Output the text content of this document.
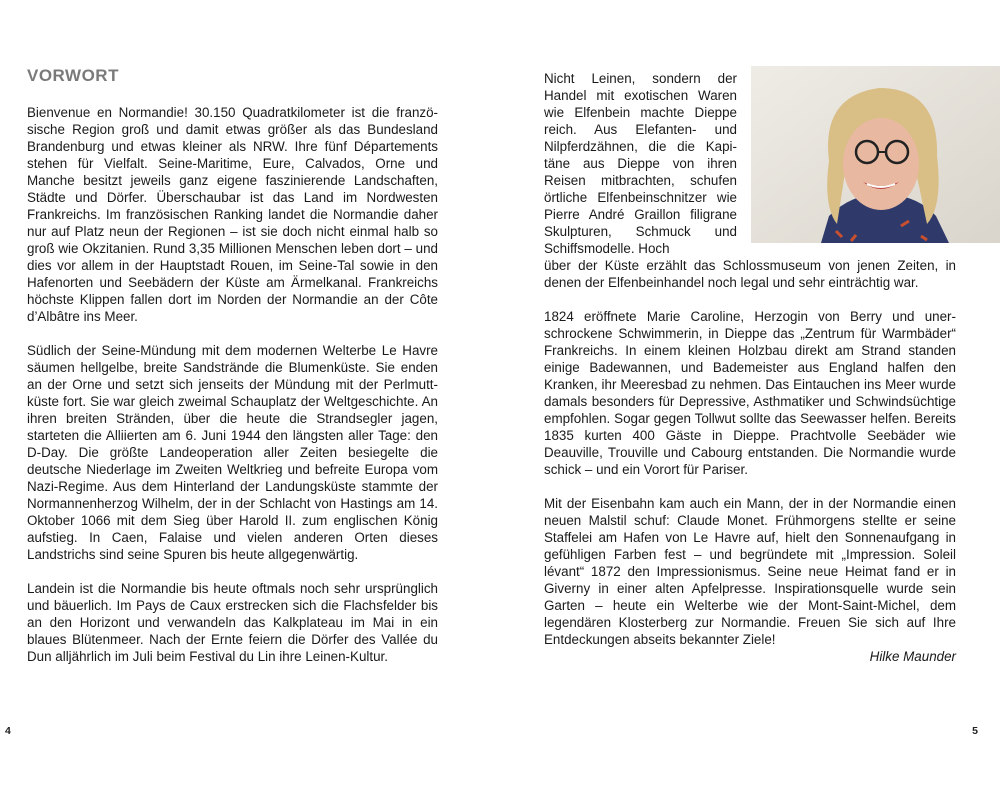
VORWORT

Bienvenue en Normandie! 30.150 Quadratkilometer ist die französische Region groß und damit etwas größer als das Bundesland Brandenburg und etwas kleiner als NRW. Ihre fünf Départements stehen für Vielfalt. Seine-Maritime, Eure, Calvados, Orne und Manche besitzt jeweils ganz eigene faszinierende Landschaften, Städte und Dörfer. Überschaubar ist das Land im Nordwesten Frankreichs. Im französischen Ranking landet die Normandie daher nur auf Platz neun der Regionen – ist sie doch nicht einmal halb so groß wie Okzitanien. Rund 3,35 Millionen Menschen leben dort – und dies vor allem in der Hauptstadt Rouen, im Seine-Tal sowie in den Hafenorten und Seebädern der Küste am Ärmelkanal. Frankreichs höchste Klippen fallen dort im Norden der Normandie an der Côte d’Albâtre ins Meer.

Südlich der Seine-Mündung mit dem modernen Welterbe Le Havre säumen hellgelbe, breite Sandstrände die Blumenküste. Sie enden an der Orne und setzt sich jenseits der Mündung mit der Perlmuttküste fort. Sie war gleich zweimal Schauplatz der Weltgeschichte. An ihren breiten Stränden, über die heute die Strandsegler jagen, starteten die Alliierten am 6. Juni 1944 den längsten aller Tage: den D-Day. Die größte Landeoperation aller Zeiten besiegelte die deutsche Niederlage im Zweiten Weltkrieg und befreite Europa vom Nazi-Regime. Aus dem Hinterland der Landungsküste stammte der Normannenherzog Wilhelm, der in der Schlacht von Hastings am 14. Oktober 1066 mit dem Sieg über Harold II. zum englischen König aufstieg. In Caen, Falaise und vielen anderen Orten dieses Landstrichs sind seine Spuren bis heute allgegenwärtig.

Landein ist die Normandie bis heute oftmals noch sehr ursprünglich und bäuerlich. Im Pays de Caux erstrecken sich die Flachsfelder bis an den Horizont und verwandeln das Kalkplateau im Mai in ein blaues Blütenmeer. Nach der Ernte feiern die Dörfer des Vallée du Dun alljährlich im Juli beim Festival du Lin ihre Leinen-Kultur.

4
Nicht Leinen, sondern der Handel mit exotischen Waren wie Elfenbein machte Dieppe reich. Aus Elefanten- und Nilpferdzähnen, die die Kapitäne aus Dieppe von ihren Reisen mitbrachten, schufen örtliche Elfenbeinschnitzer wie Pierre André Graillon filigrane Skulpturen, Schmuck und Schiffsmodelle. Hoch

über der Küste erzählt das Schlossmuseum von jenen Zeiten, in denen der Elfenbeinhandel noch legal und sehr einträchtig war.

1824 eröffnete Marie Caroline, Herzogin von Berry und unerschrockene Schwimmerin, in Dieppe das „Zentrum für Warmbäder“ Frankreichs. In einem kleinen Holzbau direkt am Strand standen einige Badewannen, und Bademeister aus England halfen den Kranken, ihr Meeresbad zu nehmen. Das Eintauchen ins Meer wurde damals besonders für Depressive, Asthmatiker und Schwindsüchtige empfohlen. Sogar gegen Tollwut sollte das Seewasser helfen. Bereits 1835 kurten 400 Gäste in Dieppe. Prachtvolle Seebäder wie Deauville, Trouville und Cabourg entstanden. Die Normandie wurde schick – und ein Vorort für Pariser.

Mit der Eisenbahn kam auch ein Mann, der in der Normandie einen neuen Malstil schuf: Claude Monet. Frühmorgens stellte er seine Staffelei am Hafen von Le Havre auf, hielt den Sonnenaufgang in gefühligen Farben fest – und begründete mit „Impression. Soleil lévant“ 1872 den Impressionismus. Seine neue Heimat fand er in Giverny in einer alten Apfelpresse. Inspirationsquelle wurde sein Garten – heute ein Welterbe wie der Mont-Saint-Michel, dem legendären Klosterberg zur Normandie. Freuen Sie sich auf Ihre Entdeckungen abseits bekannter Ziele!

Hilke Maunder
5
